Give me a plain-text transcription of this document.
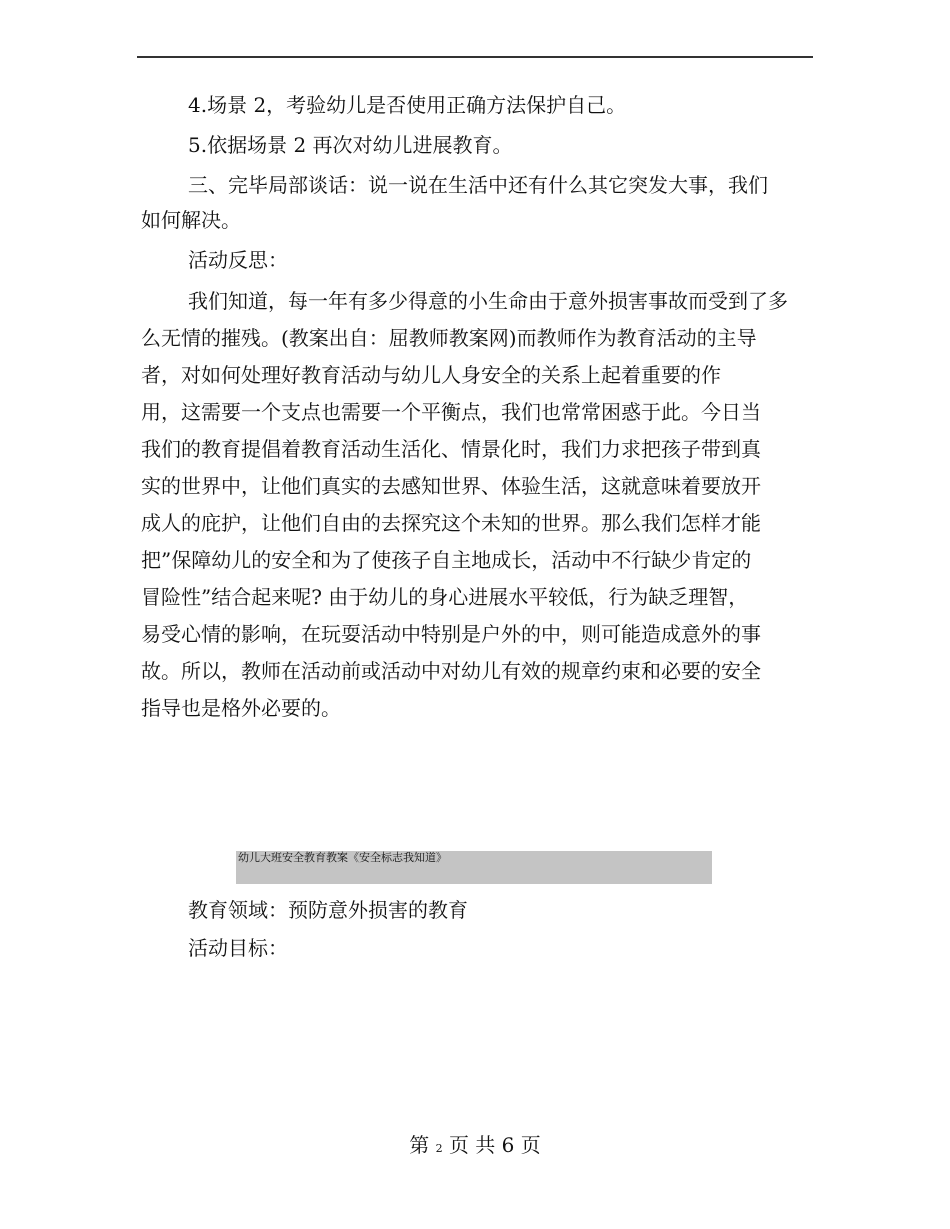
4.场景 2，考验幼儿是否使用正确方法保护自己。

5.依据场景 2 再次对幼儿进展教育。

三、完毕局部谈话：说一说在生活中还有什么其它突发大事，我们

如何解决。

活动反思：

我们知道，每一年有多少得意的小生命由于意外损害事故而受到了多

么无情的摧残。(教案出自：屈教师教案网)而教师作为教育活动的主导

者，对如何处理好教育活动与幼儿人身安全的关系上起着重要的作

用，这需要一个支点也需要一个平衡点，我们也常常困惑于此。今日当

我们的教育提倡着教育活动生活化、情景化时，我们力求把孩子带到真

实的世界中，让他们真实的去感知世界、体验生活，这就意味着要放开

成人的庇护，让他们自由的去探究这个未知的世界。那么我们怎样才能

把”保障幼儿的安全和为了使孩子自主地成长，活动中不行缺少肯定的

冒险性”结合起来呢? 由于幼儿的身心进展水平较低，行为缺乏理智，

易受心情的影响，在玩耍活动中特别是户外的中，则可能造成意外的事

故。所以，教师在活动前或活动中对幼儿有效的规章约束和必要的安全

指导也是格外必要的。

幼儿大班安全教育教案《安全标志我知道》

教育领域：预防意外损害的教育

活动目标：

第 2 页 共 6 页
